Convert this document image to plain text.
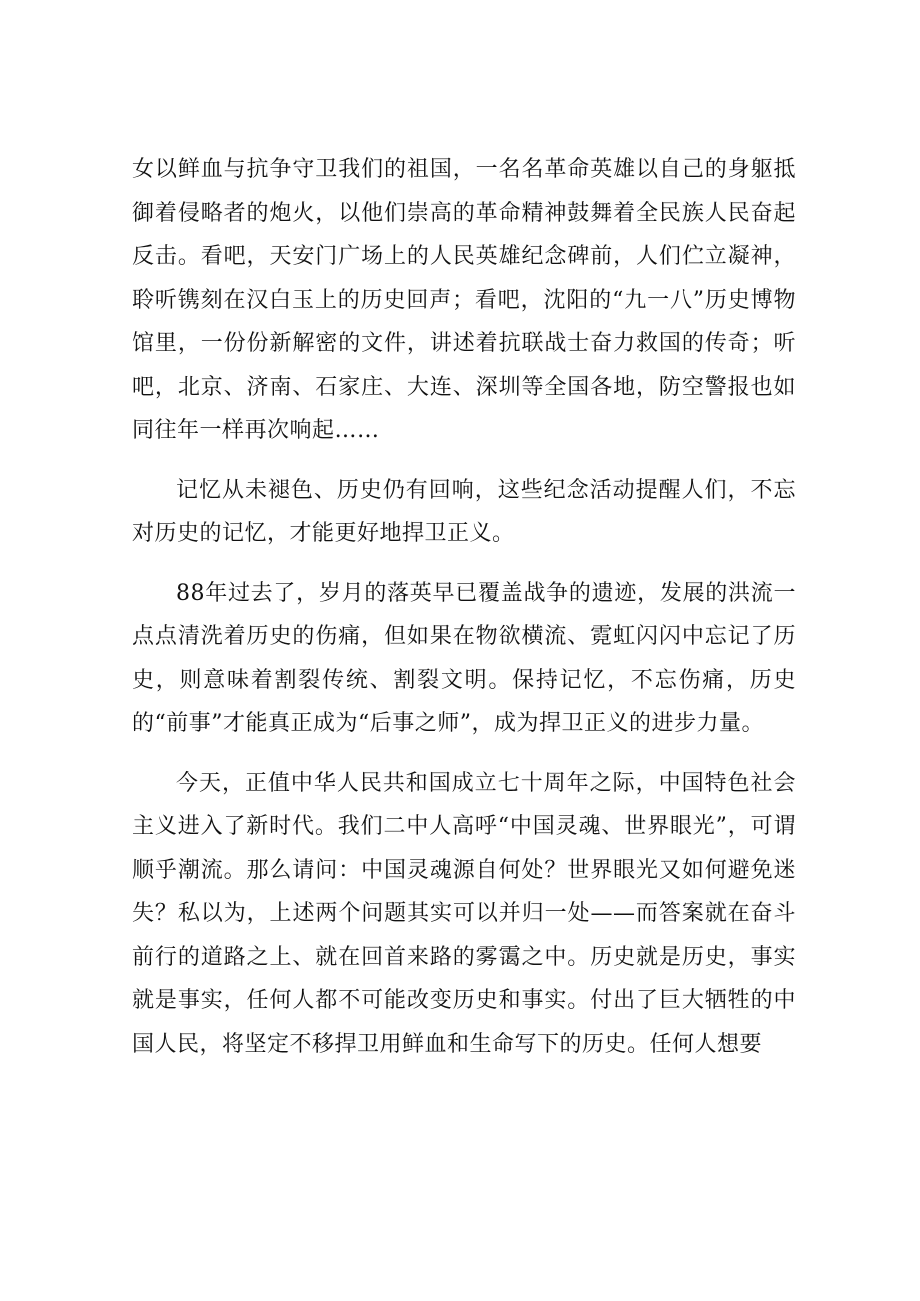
女以鲜血与抗争守卫我们的祖国，一名名革命英雄以自己的身躯抵御着侵略者的炮火，以他们崇高的革命精神鼓舞着全民族人民奋起反击。看吧，天安门广场上的人民英雄纪念碑前，人们伫立凝神，聆听镌刻在汉白玉上的历史回声；看吧，沈阳的“九一八”历史博物馆里，一份份新解密的文件，讲述着抗联战士奋力救国的传奇；听吧，北京、济南、石家庄、大连、深圳等全国各地，防空警报也如同往年一样再次响起……

记忆从未褪色、历史仍有回响，这些纪念活动提醒人们，不忘对历史的记忆，才能更好地捍卫正义。

88年过去了，岁月的落英早已覆盖战争的遗迹，发展的洪流一点点清洗着历史的伤痛，但如果在物欲横流、霓虹闪闪中忘记了历史，则意味着割裂传统、割裂文明。保持记忆，不忘伤痛，历史的“前事”才能真正成为“后事之师”，成为捍卫正义的进步力量。

今天，正值中华人民共和国成立七十周年之际，中国特色社会主义进入了新时代。我们二中人高呼“中国灵魂、世界眼光”，可谓顺乎潮流。那么请问：中国灵魂源自何处？世界眼光又如何避免迷失？私以为，上述两个问题其实可以并归一处——而答案就在奋斗前行的道路之上、就在回首来路的雾霭之中。历史就是历史，事实就是事实，任何人都不可能改变历史和事实。付出了巨大牺牲的中国人民，将坚定不移捍卫用鲜血和生命写下的历史。任何人想要
